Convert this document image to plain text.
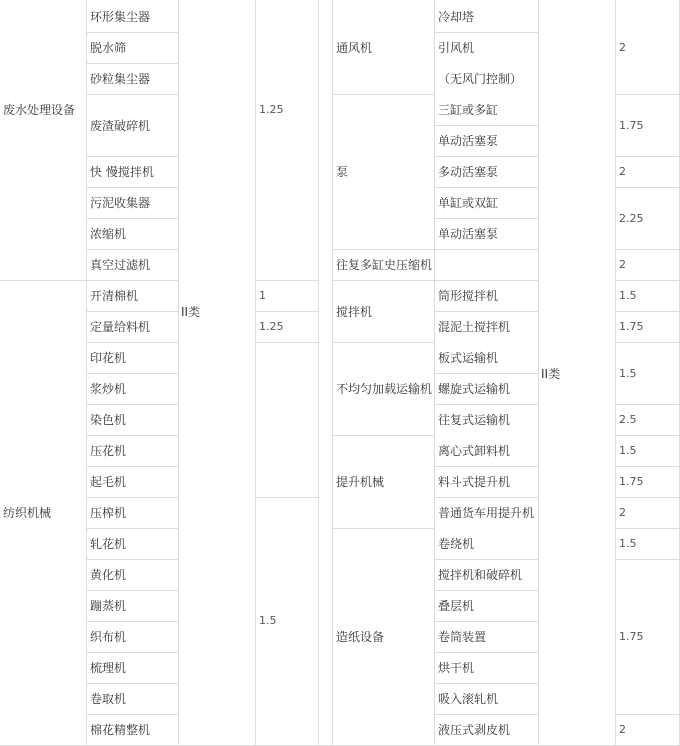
废水处理设备
纺织机械
II类
环形集尘器
脱水筛
砂粒集尘器
废渣破碎机
快 慢搅拌机
污泥收集器
浓缩机
真空过滤机
开清棉机
定量给料机
印花机
浆炒机
染色机
压花机
起毛机
压榨机
轧花机
黄化机
蹦蒸机
织布机
梳理机
卷取机
棉花精整机
1.25
1
1.25
1.5
通风机
泵
往复多缸史压缩机
搅拌机
不均匀加载运输机
提升机械
造纸设备
冷却塔
引风机
（无风门控制）
三缸或多缸
单动活塞泵
多动活塞泵
单缸或双缸
单动活塞泵
筒形搅拌机
混泥土搅拌机
板式运输机
螺旋式运输机
往复式运输机
离心式卸料机
料斗式提升机
普通货车用提升机
卷绕机
搅拌机和破碎机
叠层机
卷筒装置
烘干机
吸入滚轧机
液压式剥皮机
II类
2
1.75
2
2.25
2
1.5
1.75
1.5
2.5
1.5
1.75
2
1.5
1.75
2
